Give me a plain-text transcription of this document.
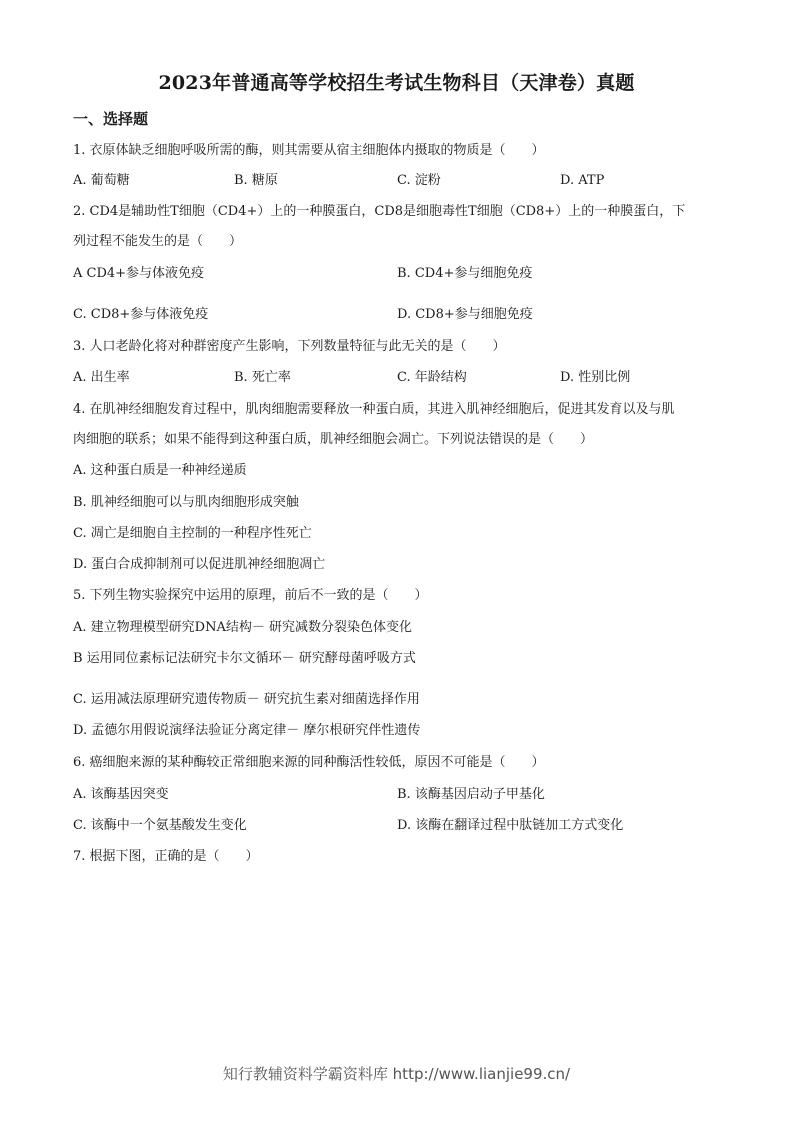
2023年普通高等学校招生考试生物科目（天津卷）真题
一、选择题
1. 衣原体缺乏细胞呼吸所需的酶，则其需要从宿主细胞体内摄取的物质是（　　）
A. 葡萄糖	B. 糖原	C. 淀粉	D. ATP
2. CD4是辅助性T细胞（CD4+）上的一种膜蛋白，CD8是细胞毒性T细胞（CD8+）上的一种膜蛋白，下
列过程不能发生的是（　　）
A CD4+参与体液免疫	B. CD4+参与细胞免疫
C. CD8+参与体液免疫	D. CD8+参与细胞免疫
3. 人口老龄化将对种群密度产生影响，下列数量特征与此无关的是（　　）
A. 出生率	B. 死亡率	C. 年龄结构	D. 性别比例
4. 在肌神经细胞发育过程中，肌肉细胞需要释放一种蛋白质，其进入肌神经细胞后，促进其发育以及与肌
肉细胞的联系；如果不能得到这种蛋白质，肌神经细胞会凋亡。下列说法错误的是（　　）
A. 这种蛋白质是一种神经递质
B. 肌神经细胞可以与肌肉细胞形成突触
C. 凋亡是细胞自主控制的一种程序性死亡
D. 蛋白合成抑制剂可以促进肌神经细胞凋亡
5. 下列生物实验探究中运用的原理，前后不一致的是（　　）
A. 建立物理模型研究DNA结构－ 研究减数分裂染色体变化
B 运用同位素标记法研究卡尔文循环－ 研究酵母菌呼吸方式
C. 运用减法原理研究遗传物质－ 研究抗生素对细菌选择作用
D. 孟德尔用假说演绎法验证分离定律－ 摩尔根研究伴性遗传
6. 癌细胞来源的某种酶较正常细胞来源的同种酶活性较低，原因不可能是（　　）
A. 该酶基因突变	B. 该酶基因启动子甲基化
C. 该酶中一个氨基酸发生变化	D. 该酶在翻译过程中肽链加工方式变化
7. 根据下图，正确的是（　　）
知行教辅资料学霸资料库 http://www.lianjie99.cn/
